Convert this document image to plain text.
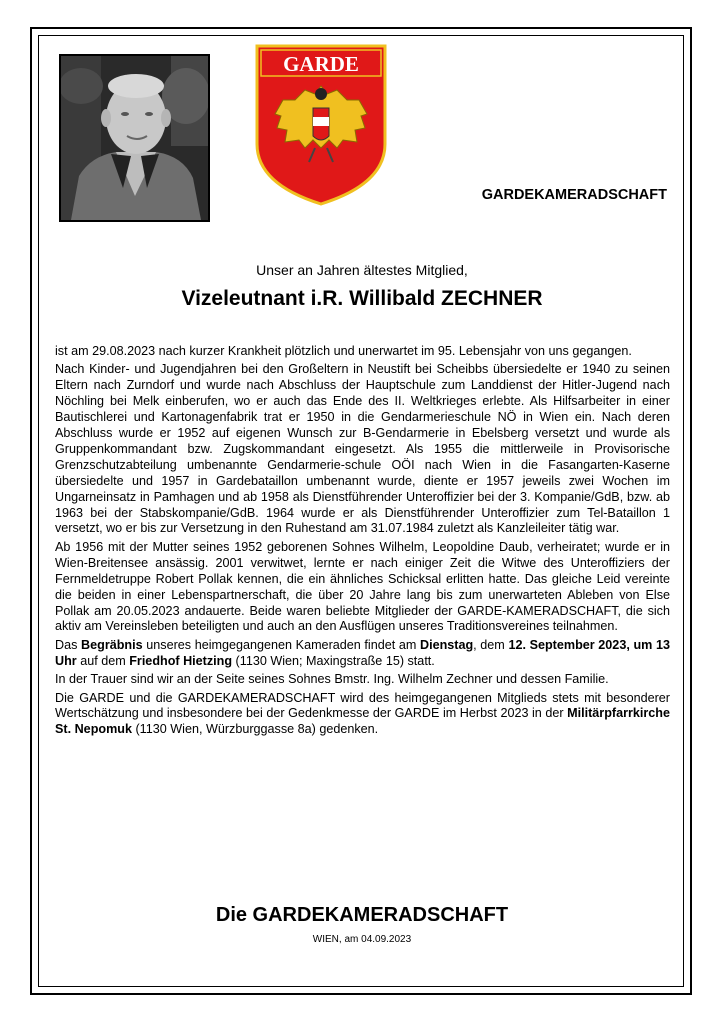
GARDE
GARDEKAMERADSCHAFT
Unser an Jahren ältestes Mitglied,
Vizeleutnant i.R. Willibald ZECHNER

ist am 29.08.2023 nach kurzer Krankheit plötzlich und unerwartet im 95. Lebensjahr von uns gegangen.

Nach Kinder- und Jugendjahren bei den Großeltern in Neustift bei Scheibbs übersiedelte er 1940 zu seinen Eltern nach Zurndorf und wurde nach Abschluss der Hauptschule zum Landdienst der Hitler-Jugend nach Nöchling bei Melk einberufen, wo er auch das Ende des II. Weltkrieges erlebte. Als Hilfsarbeiter in einer Bautischlerei und Kartonagenfabrik trat er 1950 in die Gendarmerieschule NÖ in Wien ein. Nach deren Abschluss wurde er 1952 auf eigenen Wunsch zur B-Gendarmerie in Ebelsberg versetzt und wurde als Gruppenkommandant bzw. Zugskommandant eingesetzt. Als 1955 die mittlerweile in Provisorische Grenzschutzabteilung umbenannte Gendarmerie-schule OÖI nach Wien in die Fasangarten-Kaserne übersiedelte und 1957 in Gardebataillon umbenannt wurde, diente er 1957 jeweils zwei Wochen im Ungarneinsatz in Pamhagen und ab 1958 als Dienstführender Unteroffizier bei der 3. Kompanie/GdB, bzw. ab 1963 bei der Stabskompanie/GdB. 1964 wurde er als Dienstführender Unteroffizier zum Tel-Bataillon 1 versetzt, wo er bis zur Versetzung in den Ruhestand am 31.07.1984 zuletzt als Kanzleileiter tätig war.

Ab 1956 mit der Mutter seines 1952 geborenen Sohnes Wilhelm, Leopoldine Daub, verheiratet; wurde er in Wien-Breitensee ansässig. 2001 verwitwet, lernte er nach einiger Zeit die Witwe des Unteroffiziers der Fernmeldetruppe Robert Pollak kennen, die ein ähnliches Schicksal erlitten hatte. Das gleiche Leid vereinte die beiden in einer Lebenspartnerschaft, die über 20 Jahre lang bis zum unerwarteten Ableben von Else Pollak am 20.05.2023 andauerte. Beide waren beliebte Mitglieder der GARDE-KAMERADSCHAFT, die sich aktiv am Vereinsleben beteiligten und auch an den Ausflügen unseres Traditionsvereines teilnahmen.

Das Begräbnis unseres heimgegangenen Kameraden findet am Dienstag, dem 12. September 2023, um 13 Uhr auf dem Friedhof Hietzing (1130 Wien; Maxingstraße 15) statt.

In der Trauer sind wir an der Seite seines Sohnes Bmstr. Ing. Wilhelm Zechner und dessen Familie.

Die GARDE und die GARDEKAMERADSCHAFT wird des heimgegangenen Mitglieds stets mit besonderer Wertschätzung und insbesondere bei der Gedenkmesse der GARDE im Herbst 2023 in der Militärpfarrkirche St. Nepomuk (1130 Wien, Würzburggasse 8a) gedenken.

Die GARDEKAMERADSCHAFT
WIEN, am 04.09.2023
